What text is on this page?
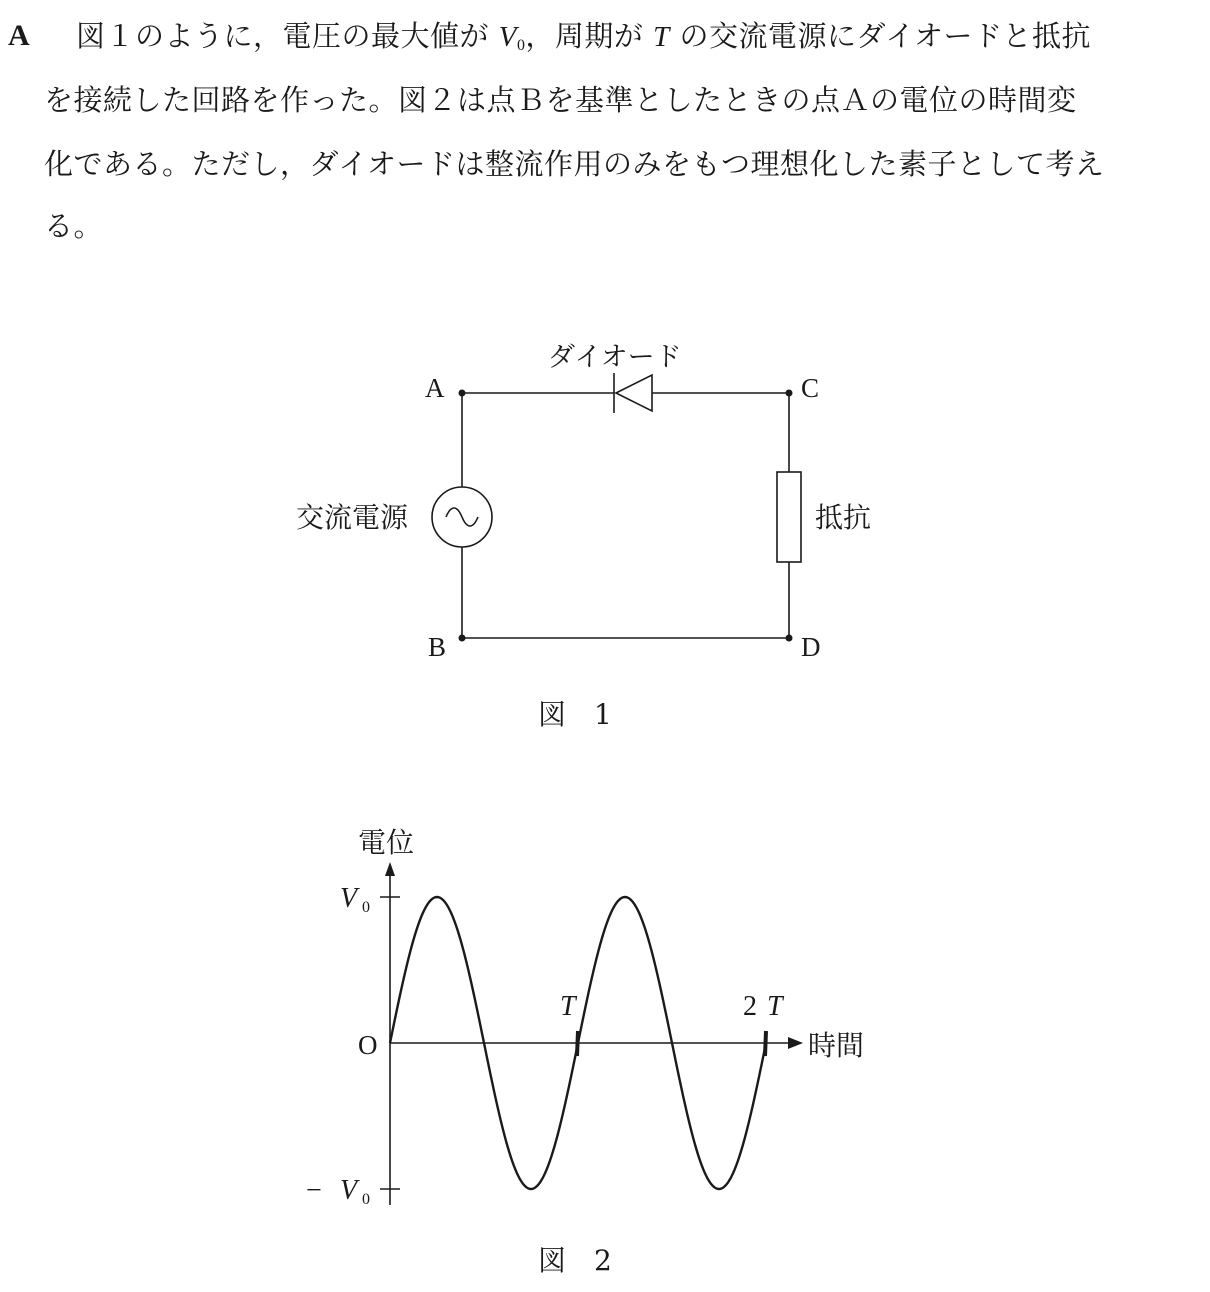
A 図１のように，電圧の最大値が $V_0$，周期が T の交流電源にダイオードと抵抗
を接続した回路を作った。図２は点Ｂを基準としたときの点Ａの電位の時間変
化である。ただし，ダイオードは整流作用のみをもつ理想化した素子として考え
る。
ダイオード
A	C
B	D
交流電源	抵抗
図　1
電位
時間
O
V 0
− V 0
T	2 T
図　2
